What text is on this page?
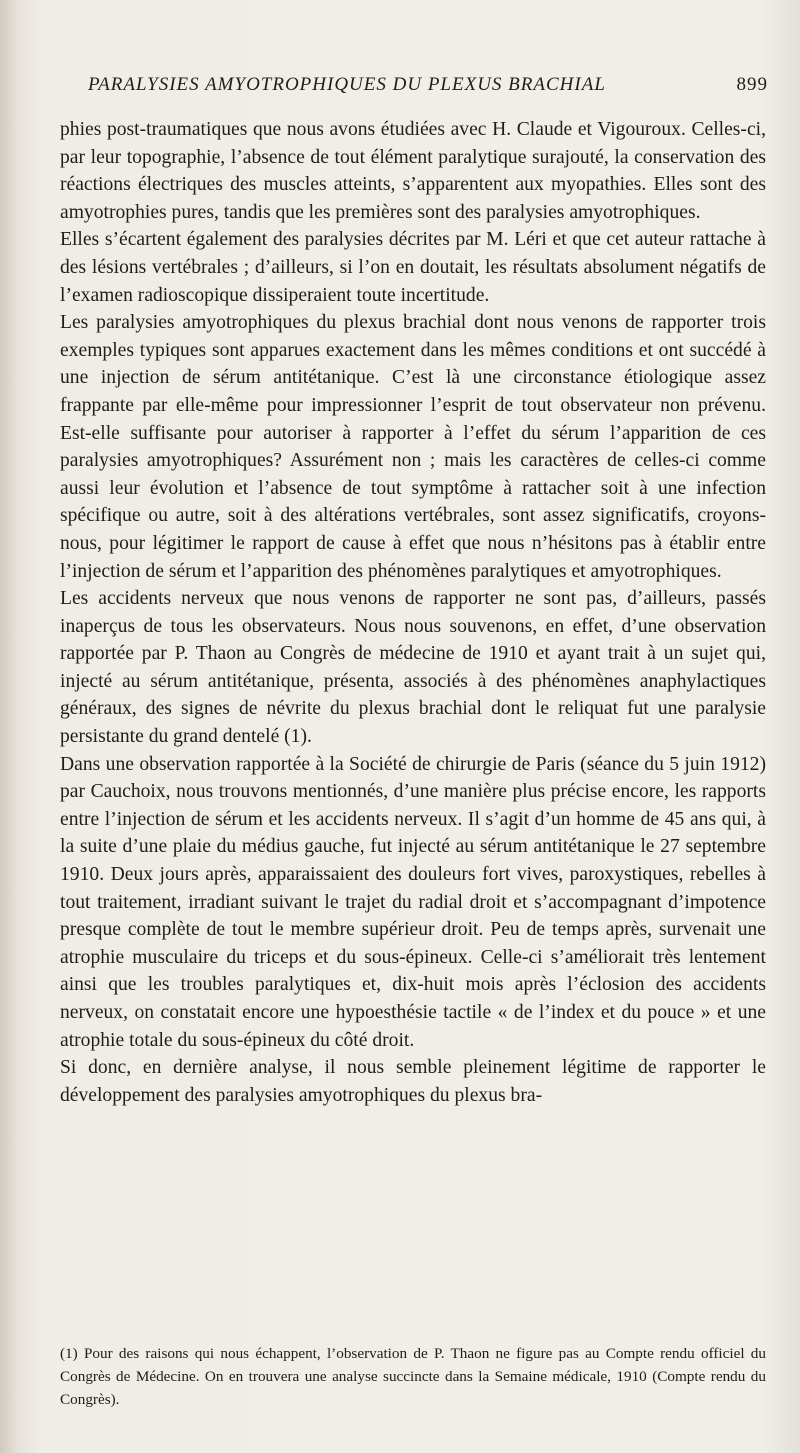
PARALYSIES AMYOTROPHIQUES DU PLEXUS BRACHIAL	899

phies post-traumatiques que nous avons étudiées avec H. Claude et Vigouroux. Celles-ci, par leur topographie, l’absence de tout élément paralytique surajouté, la conservation des réactions électriques des muscles atteints, s’apparentent aux myopathies. Elles sont des amyotrophies pures, tandis que les premières sont des paralysies amyotrophiques.

Elles s’écartent également des paralysies décrites par M. Léri et que cet auteur rattache à des lésions vertébrales ; d’ailleurs, si l’on en doutait, les résultats absolument négatifs de l’examen radioscopique dissiperaient toute incertitude.

Les paralysies amyotrophiques du plexus brachial dont nous venons de rapporter trois exemples typiques sont apparues exactement dans les mêmes conditions et ont succédé à une injection de sérum antitétanique. C’est là une circonstance étiologique assez frappante par elle-même pour impressionner l’esprit de tout observateur non prévenu. Est-elle suffisante pour autoriser à rapporter à l’effet du sérum l’apparition de ces paralysies amyotrophiques? Assurément non ; mais les caractères de celles-ci comme aussi leur évolution et l’absence de tout symptôme à rattacher soit à une infection spécifique ou autre, soit à des altérations vertébrales, sont assez significatifs, croyons-nous, pour légitimer le rapport de cause à effet que nous n’hésitons pas à établir entre l’injection de sérum et l’apparition des phénomènes paralytiques et amyotrophiques.

Les accidents nerveux que nous venons de rapporter ne sont pas, d’ailleurs, passés inaperçus de tous les observateurs. Nous nous souvenons, en effet, d’une observation rapportée par P. Thaon au Congrès de médecine de 1910 et ayant trait à un sujet qui, injecté au sérum antitétanique, présenta, associés à des phénomènes anaphylactiques généraux, des signes de névrite du plexus brachial dont le reliquat fut une paralysie persistante du grand dentelé (1).

Dans une observation rapportée à la Société de chirurgie de Paris (séance du 5 juin 1912) par Cauchoix, nous trouvons mentionnés, d’une manière plus précise encore, les rapports entre l’injection de sérum et les accidents nerveux. Il s’agit d’un homme de 45 ans qui, à la suite d’une plaie du médius gauche, fut injecté au sérum antitétanique le 27 septembre 1910. Deux jours après, apparaissaient des douleurs fort vives, paroxystiques, rebelles à tout traitement, irradiant suivant le trajet du radial droit et s’accompagnant d’impotence presque complète de tout le membre supérieur droit. Peu de temps après, survenait une atrophie musculaire du triceps et du sous-épineux. Celle-ci s’améliorait très lentement ainsi que les troubles paralytiques et, dix-huit mois après l’éclosion des accidents nerveux, on constatait encore une hypoesthésie tactile « de l’index et du pouce » et une atrophie totale du sous-épineux du côté droit.

Si donc, en dernière analyse, il nous semble pleinement légitime de rapporter le développement des paralysies amyotrophiques du plexus bra-

(1) Pour des raisons qui nous échappent, l’observation de P. Thaon ne figure pas au Compte rendu officiel du Congrès de Médecine. On en trouvera une analyse succincte dans la Semaine médicale, 1910 (Compte rendu du Congrès).
